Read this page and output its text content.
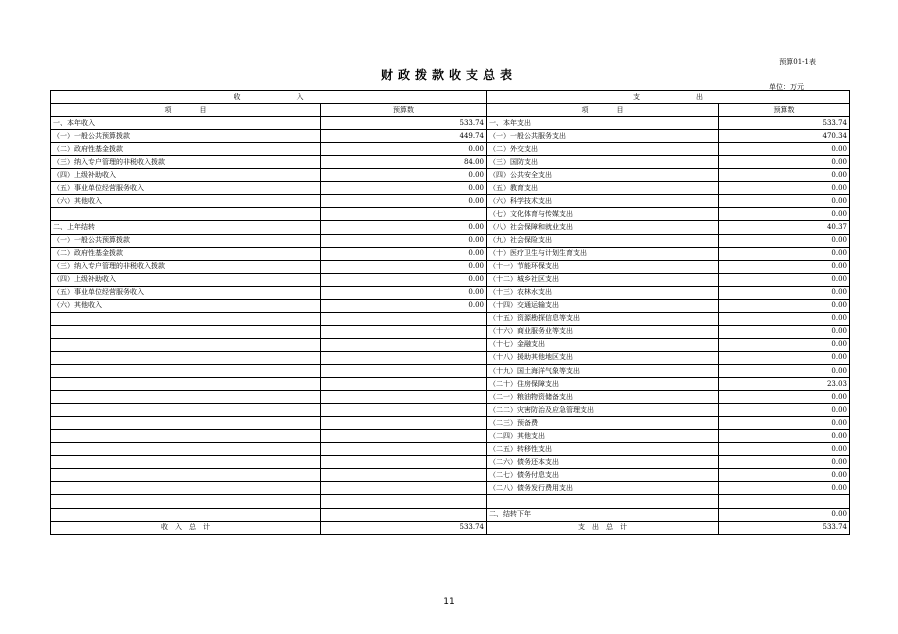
预算01-1表
财政拨款收支总表
单位：万元
收　　　　　　　　入		支　　　　　　　　出	
项　　　　目	预算数	项　　　　目	预算数
一、本年收入	533.74	一、本年支出	533.74
（一）一般公共预算拨款	449.74	（一）一般公共服务支出	470.34
（二）政府性基金拨款	0.00	（二）外交支出	0.00
（三）纳入专户管理的非税收入拨款	84.00	（三）国防支出	0.00
（四）上级补助收入	0.00	（四）公共安全支出	0.00
（五）事业单位经营服务收入	0.00	（五）教育支出	0.00
（六）其他收入	0.00	（六）科学技术支出	0.00
		（七）文化体育与传媒支出	0.00
二、上年结转	0.00	（八）社会保障和就业支出	40.37
（一）一般公共预算拨款	0.00	（九）社会保险支出	0.00
（二）政府性基金拨款	0.00	（十）医疗卫生与计划生育支出	0.00
（三）纳入专户管理的非税收入拨款	0.00	（十一）节能环保支出	0.00
（四）上级补助收入	0.00	（十二）城乡社区支出	0.00
（五）事业单位经营服务收入	0.00	（十三）农林水支出	0.00
（六）其他收入	0.00	（十四）交通运输支出	0.00
		（十五）资源勘探信息等支出	0.00
		（十六）商业服务业等支出	0.00
		（十七）金融支出	0.00
		（十八）援助其他地区支出	0.00
		（十九）国土海洋气象等支出	0.00
		（二十）住房保障支出	23.03
		（二一）粮油物资储备支出	0.00
		（二二）灾害防治及应急管理支出	0.00
		（二三）预备费	0.00
		（二四）其他支出	0.00
		（二五）转移性支出	0.00
		（二六）债务还本支出	0.00
		（二七）债务付息支出	0.00
		（二八）债务发行费用支出	0.00

		二、结转下年	0.00
收　入　总　计	533.74	支　出　总　计	533.74
11
